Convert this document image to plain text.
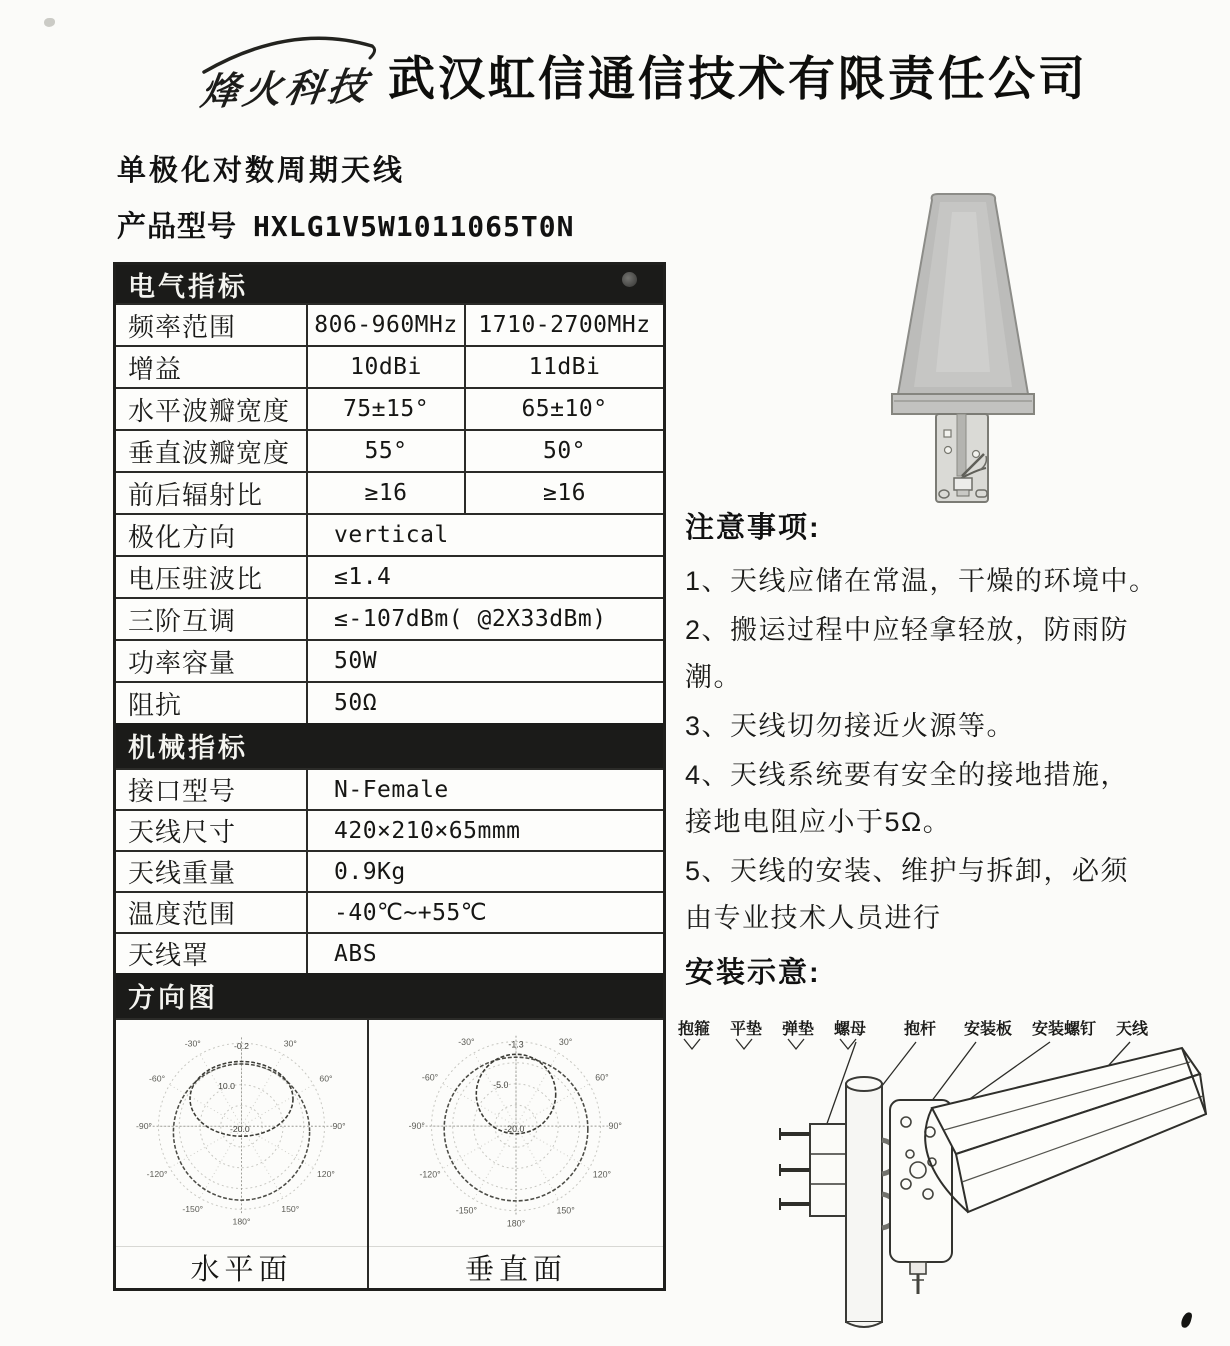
烽火科技 武汉虹信通信技术有限责任公司
单极化对数周期天线
产品型号 HXLG1V5W1011065T0N
电气指标
频率范围	806-960MHz 1710-2700MHz
增益	10dBi	11dBi
水平波瓣宽度	75±15°	65±10°
垂直波瓣宽度	55°	50°
前后辐射比	≥16	≥16
极化方向	vertical
电压驻波比	≤1.4
三阶互调	≤-107dBm( @2X33dBm)
功率容量	50W
阻抗	50Ω
机械指标
接口型号	N-Female
天线尺寸	420×210×65mmm
天线重量	0.9Kg
温度范围	-40℃~+55℃
天线罩	ABS
方向图
-30°	30°
-60°	60°
-90°	90°
-120°	120°
-150°	150°
180°
-0.2
10.0
-20.0
水平面
-30°	30°
-60°	60°
-90°	90°
-120°	120°
-150°	150°
180°
-1.3
-5.0
-20.0
垂直面
注意事项:
1、天线应储在常温，干燥的环境中。
2、搬运过程中应轻拿轻放，防雨防
潮。
3、天线切勿接近火源等。
4、天线系统要有安全的接地措施，
接地电阻应小于5Ω。
5、天线的安装、维护与拆卸，必须
由专业技术人员进行
安装示意:
抱箍 平垫 弹垫 螺母 抱杆 安装板 安装螺钉 天线
